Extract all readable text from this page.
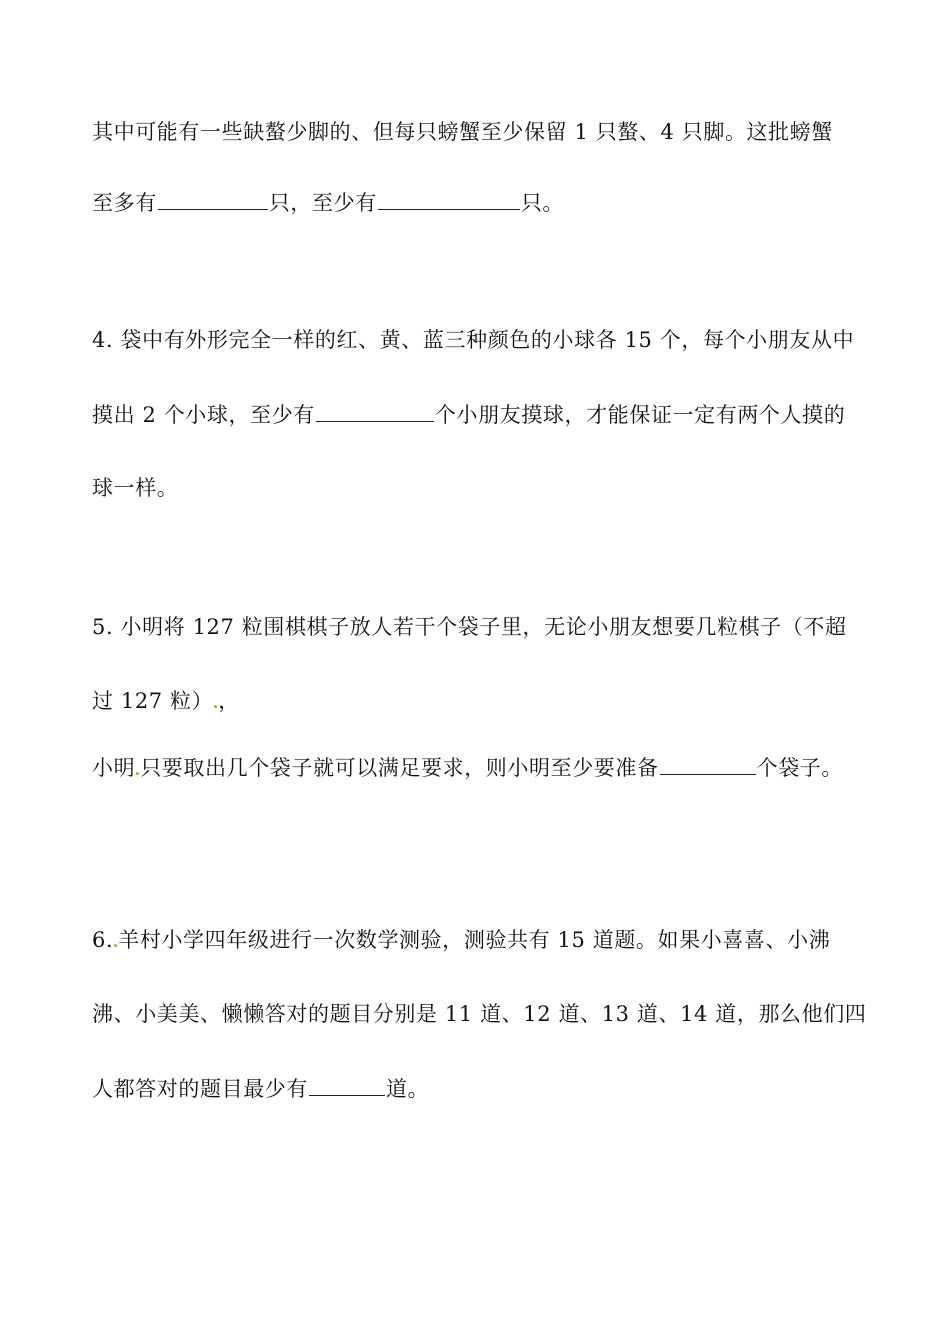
其中可能有一些缺螯少脚的、但每只螃蟹至少保留 1 只螯、4 只脚。这批螃蟹
至多有	只，至少有	只。
4. 袋中有外形完全一样的红、黄、蓝三种颜色的小球各 15 个，每个小朋友从中
摸出 2 个小球，至少有	个小朋友摸球，才能保证一定有两个人摸的
球一样。
5. 小明将 127 粒围棋棋子放人若干个袋子里，无论小朋友想要几粒棋子（不超
过 127 粒） ，
小明 只要取出几个袋子就可以满足要求，则小明至少要准备	个袋子。
6. 羊村小学四年级进行一次数学测验，测验共有 15 道题。如果小喜喜、小沸
沸、小美美、懒懒答对的题目分别是 11 道、12 道、13 道、14 道，那么他们四
人都答对的题目最少有	道。
